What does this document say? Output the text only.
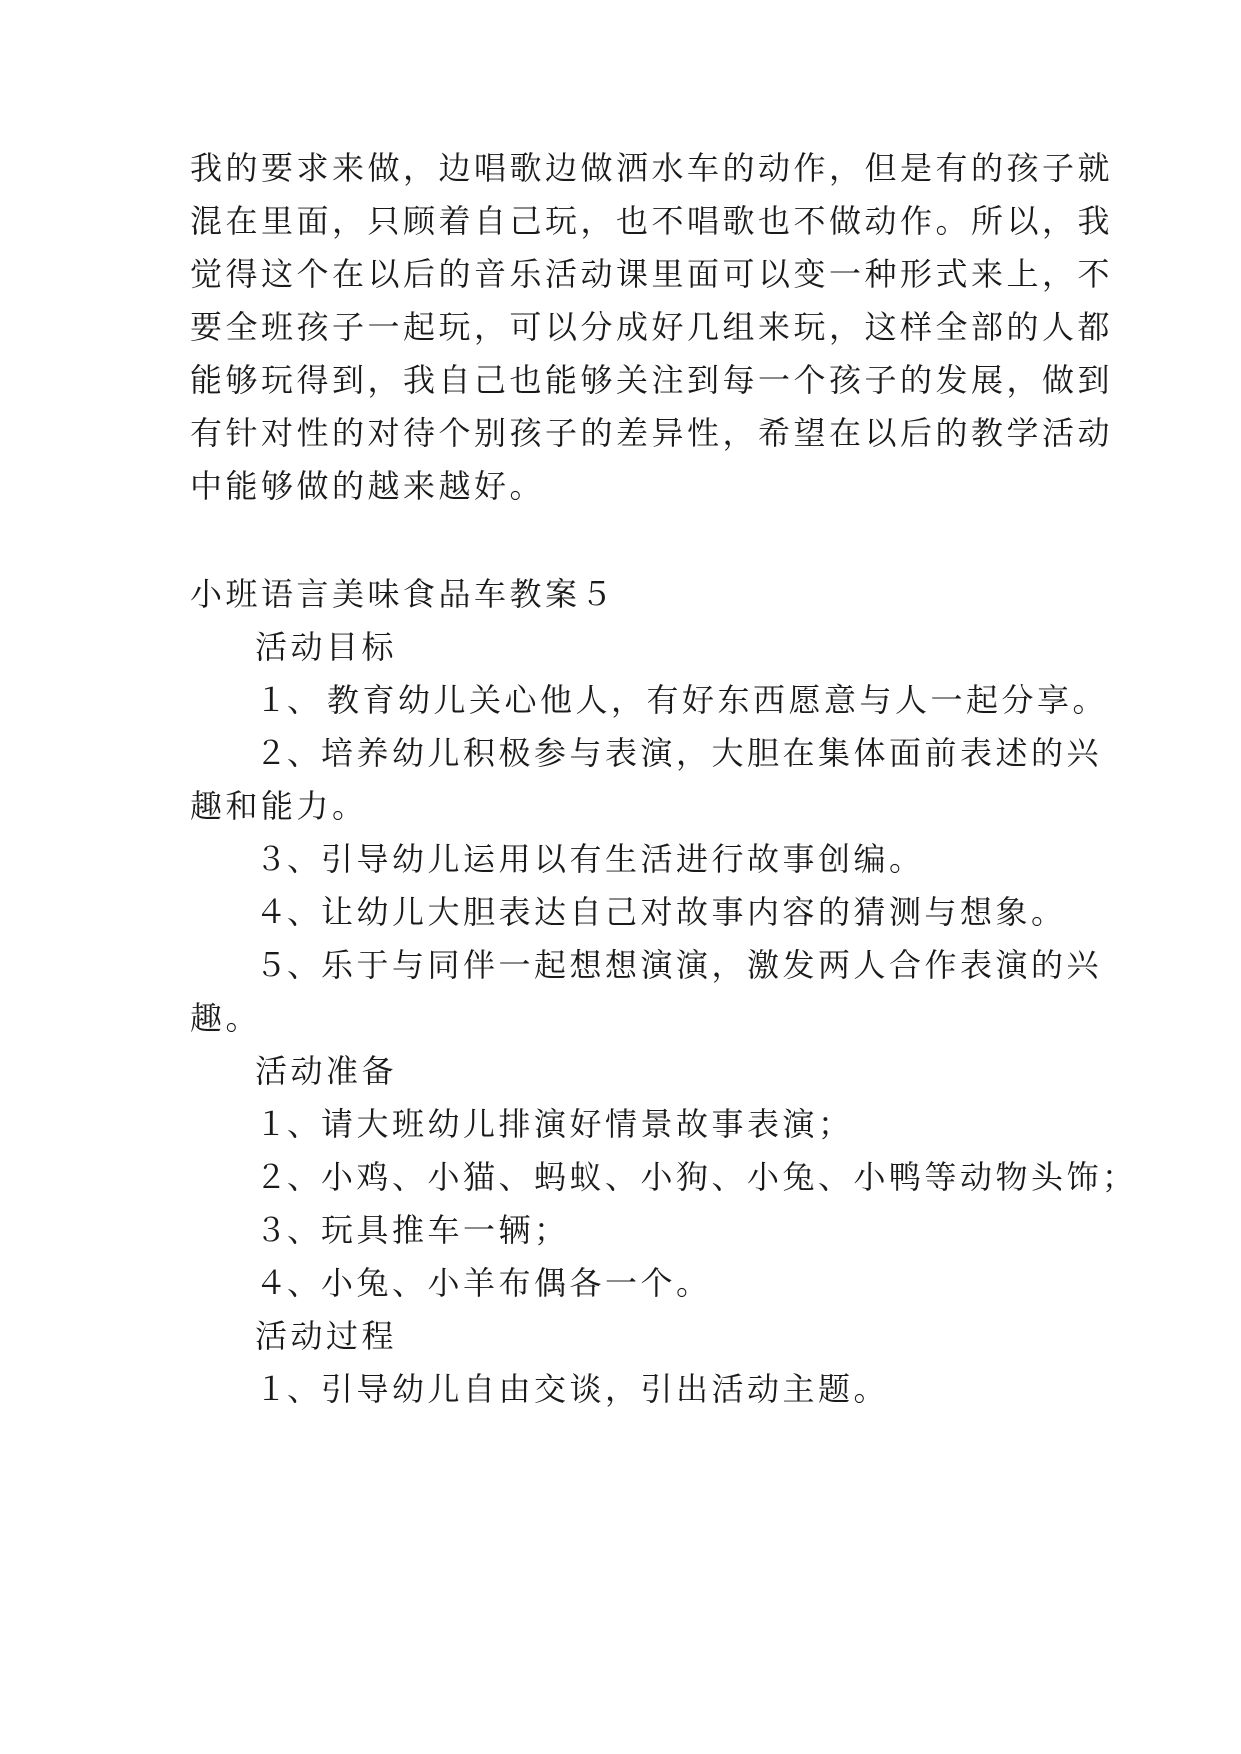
我的要求来做，边唱歌边做洒水车的动作，但是有的孩子就
混在里面，只顾着自己玩，也不唱歌也不做动作。所以，我
觉得这个在以后的音乐活动课里面可以变一种形式来上，不
要全班孩子一起玩，可以分成好几组来玩，这样全部的人都
能够玩得到，我自己也能够关注到每一个孩子的发展，做到
有针对性的对待个别孩子的差异性，希望在以后的教学活动
中能够做的越来越好。
小班语言美味食品车教案５
活动目标
１、 教育幼儿关心他人，有好东西愿意与人一起分享。
２、培养幼儿积极参与表演，大胆在集体面前表述的兴
趣和能力。
３、引导幼儿运用以有生活进行故事创编。
４、让幼儿大胆表达自己对故事内容的猜测与想象。
５、乐于与同伴一起想想演演，激发两人合作表演的兴
趣。
活动准备
１、请大班幼儿排演好情景故事表演；
２、小鸡、小猫、蚂蚁、小狗、小兔、小鸭等动物头饰；
３、玩具推车一辆；
４、小兔、小羊布偶各一个。
活动过程
１、引导幼儿自由交谈，引出活动主题。
